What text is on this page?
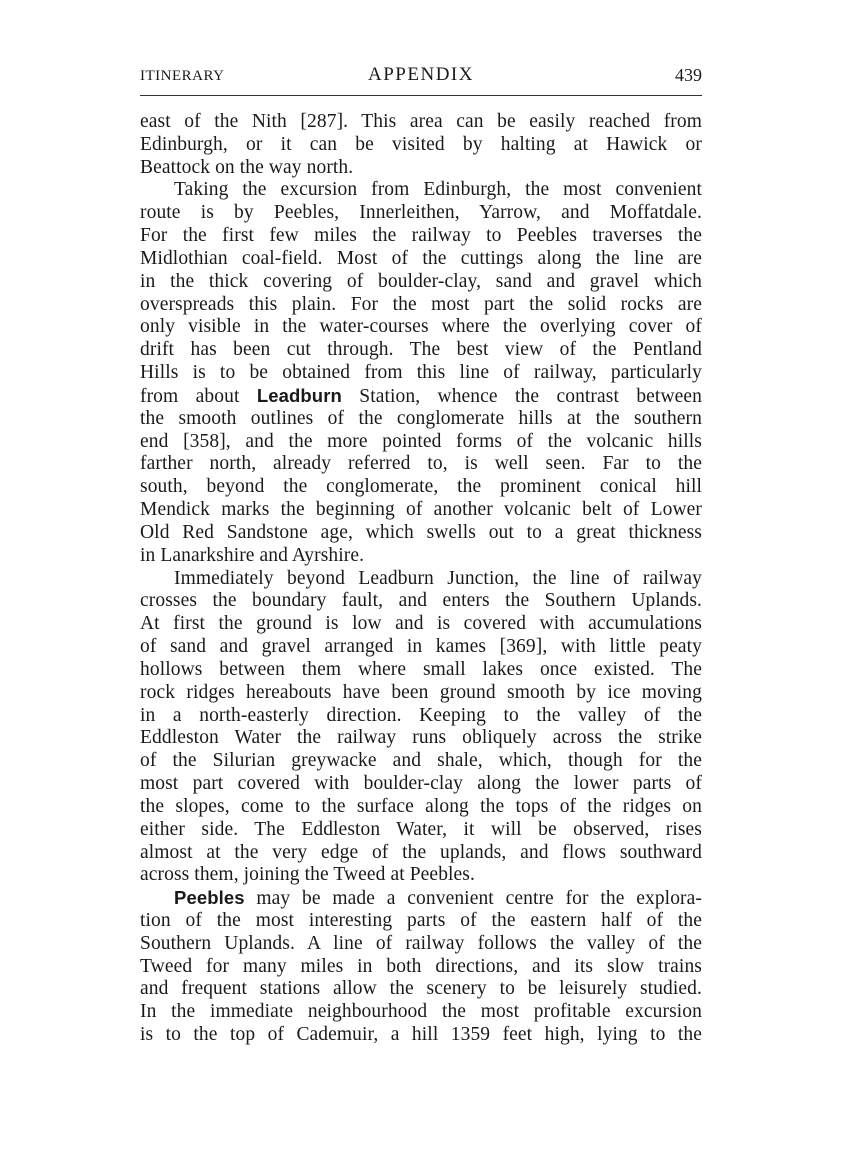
ITINERARY	APPENDIX	439
east of the Nith [287]. This area can be easily reached from
Edinburgh, or it can be visited by halting at Hawick or
Beattock on the way north.
Taking the excursion from Edinburgh, the most convenient
route is by Peebles, Innerleithen, Yarrow, and Moffatdale.
For the first few miles the railway to Peebles traverses the
Midlothian coal-field. Most of the cuttings along the line are
in the thick covering of boulder-clay, sand and gravel which
overspreads this plain. For the most part the solid rocks are
only visible in the water-courses where the overlying cover of
drift has been cut through. The best view of the Pentland
Hills is to be obtained from this line of railway, particularly
from about Leadburn Station, whence the contrast between
the smooth outlines of the conglomerate hills at the southern
end [358], and the more pointed forms of the volcanic hills
farther north, already referred to, is well seen. Far to the
south, beyond the conglomerate, the prominent conical hill
Mendick marks the beginning of another volcanic belt of Lower
Old Red Sandstone age, which swells out to a great thickness
in Lanarkshire and Ayrshire.
Immediately beyond Leadburn Junction, the line of railway
crosses the boundary fault, and enters the Southern Uplands.
At first the ground is low and is covered with accumulations
of sand and gravel arranged in kames [369], with little peaty
hollows between them where small lakes once existed. The
rock ridges hereabouts have been ground smooth by ice moving
in a north-easterly direction. Keeping to the valley of the
Eddleston Water the railway runs obliquely across the strike
of the Silurian greywacke and shale, which, though for the
most part covered with boulder-clay along the lower parts of
the slopes, come to the surface along the tops of the ridges on
either side. The Eddleston Water, it will be observed, rises
almost at the very edge of the uplands, and flows southward
across them, joining the Tweed at Peebles.
Peebles may be made a convenient centre for the explora-
tion of the most interesting parts of the eastern half of the
Southern Uplands. A line of railway follows the valley of the
Tweed for many miles in both directions, and its slow trains
and frequent stations allow the scenery to be leisurely studied.
In the immediate neighbourhood the most profitable excursion
is to the top of Cademuir, a hill 1359 feet high, lying to the
